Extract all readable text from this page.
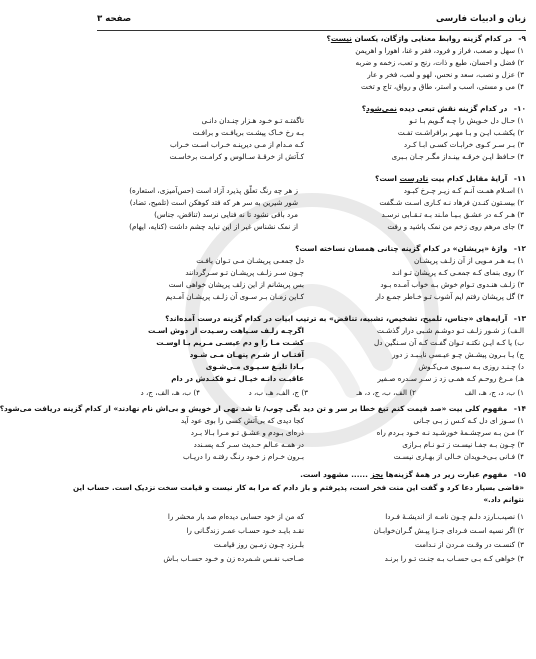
زبان و ادبیات فارسی
صفحه ۳
۹- در کدام گزینه روابط معنایی واژگان، یکسان نیست؟
۱) سهل و صعب، فراز و فرود، فقر و غنا، اهورا و اهریمن
۲) فضل و احسان، طبع و ذات، رنج و تعب، زخمه و ضربه
۳) عزل و نصب، سعد و نحس، لهو و لعب، فخر و عار
۴) می و مستی، اسب و استر، طاق و رواق، تاج و تخت
۱۰- در کدام گزینه نقش تبعی دیده نمی‌شود؟
۱) حـال دل خـویش را چـه گـویم بـا تـو
ناگفتـه تـو خـود هـزار چنـدان دانـی
۲) یکشـب ایـن و بـا مهـر برافراشـت تفـت
بـه رخ خـاک پیشـت بریافـت و برافـت
۳) بـر سـر کـوی خرابـات کسـی ابـا کـرد
کـه مـدام از مـی دیرینـه خـراب اسـت خـراب
۴) حـافظ ایـن خرقـه بینـداز مگـر جـان بـبری
کـآتش از خرقـهٔ سـالوس و کرامـت برخاسـت
۱۱- آرایهٔ مقابل کدام بیت نادرست است؟
۱) اسـلام همـت آنـم کـه زیـر چـرخ کبـود
ز هر چه رنگ تعلّق پذیرد آزاد است (حس‌آمیزی، استعاره)
۲) بیسـتون کنـدن فرهاد نـه کـاری اسـت شـگفت
شور شیرین به سر هر که فتد کوهکن است (تلمیح، تضاد)
۳) هـر کـه در عشـق بـیـا ماـند بـه تـقـابی نرسـد
مرد باقی نشود تا نه فنایی نرسد (تناقض، جناس)
۴) جای مرهم روی زخم من نمک پاشید و رفت
از نمک نشناس غیر از این نباید چشم داشت (کنایه، ایهام)
۱۲- واژهٔ «پریشان» در کدام گزینه چنانی همسان نساخته است؟
۱) بـه هـر مـویی از آن زلـف پریشـان
دل جمعـی پریشـان مـی تـوان یافـت
۲) روی بنمای کـه جمعـی کـه پریشان تـو انـد
چـون سـر زلـف پریشـان تـو سـرگردانند
۳) زلـف هنـدوی تـوام خوش بـه خواب آمـده بـود
بس پریشانم از این زلف پریشان خواهی است
۴) گل پریشان رفتم ایم آشوب تـو خـاطر جمـع دار
کـاین زمـان بـر سـوی آن زلـف پریشـان آمـدیم
۱۳- آرایه‌های «جناس، تلمیح، تشخیص، تشبیه، تناقض» به ترتیب ابیات در کدام گزینه درست آمده‌اند؟
الـف) ز شـور زلـف تـو دوشـم شـبی درار گذشـت
اگرچـه زلـف سـیاهت رسـیدت از دوش اسـت
ب) یا کـه ایـن نکتـه تـوان گفـت کـه آن سـنگین دل
کشـت مـا را و دم عیسـی مـریم بـا اوسـت
ج) یـا بـرون پیشـش چـو عیـسی نایـبـد ز دور
آفتـاب از شـرم پنهـان مـی شـود
د) چـنـد روزی بـه سـبوی مـی‌کـوش
بـاد‌ا تلیـغ سـیـوی مـی‌شـوی
هـ) مـرغ روحـم کـه همـی زد ز سـر سـدره صـفیر
عاقبـت دانـه خیـال تـو فکنـدش در دام
۱) ب، د، ج، هـ، الف
۲) الف، ب، ج، د، هـ
۳) ج، الف، هـ، ب، د
۴) ب، هـ، الف، ج، د
۱۴- مفهوم کلی بیت «صد قیمت کنم تیغ خطا بر سر و تن دید بگی چوب/ تا شد نهی از خویش و بی‌اش نام نهادند» از کدام گزینه دریافت می‌شود؟
۱) سـوز ای دل کـه کـس ز بـی جـانی
کجا دیدی که بی‌آتش کسی را بوی عود آید
۲) مـن بـه سرچشـمهٔ خورشـید نـه خـود بـردم راه
ذره‌ای بـودم و عشـق تـو مـرا بـالا بـرد
۳) چـون بـه جفـا نیسـت ز تـو نـام بـرازی
در همـه عـالم حـدیث سـر کـه پسـندد
۴) فـانی بـی‌خـویدان خـالی از بهـاری نیسـت
بـرون خـرام ز خـود رنـگ رفتـه را دریـاب
۱۵- مفهوم عبارت زیر در همهٔ گزینه‌ها بجز ...... مشهود است.
«فاضی بسیار دعا کرد و گفت این منت فخر است، پذیرفتم و باز دادم که مرا به کار نیست و قیامت سخت نزدیک است. حساب این
نتوانم داد.»
۱) نصیب‌ـارزد دلـم چـون نامـه از اندیشـهٔ فـردا
که من از خود حسابی دیده‌ام صد بار محشر را
۲) اگر نسیه اسـت فـردای جـزا پیـش گـران‌خوابـان
نقـد بایـد خـود حسـاب عمـر زندگـانی را
۳) کنسـت در وقـت مـردن از نـدامت
بلـرزد چـون زمـین روز قیامـت
۴) خواهی کـه بـی حسـاب بـه جنـت تـو را برنـد
صـاحب نفـس شـمرده زن و خـود حسـاب بـاش
